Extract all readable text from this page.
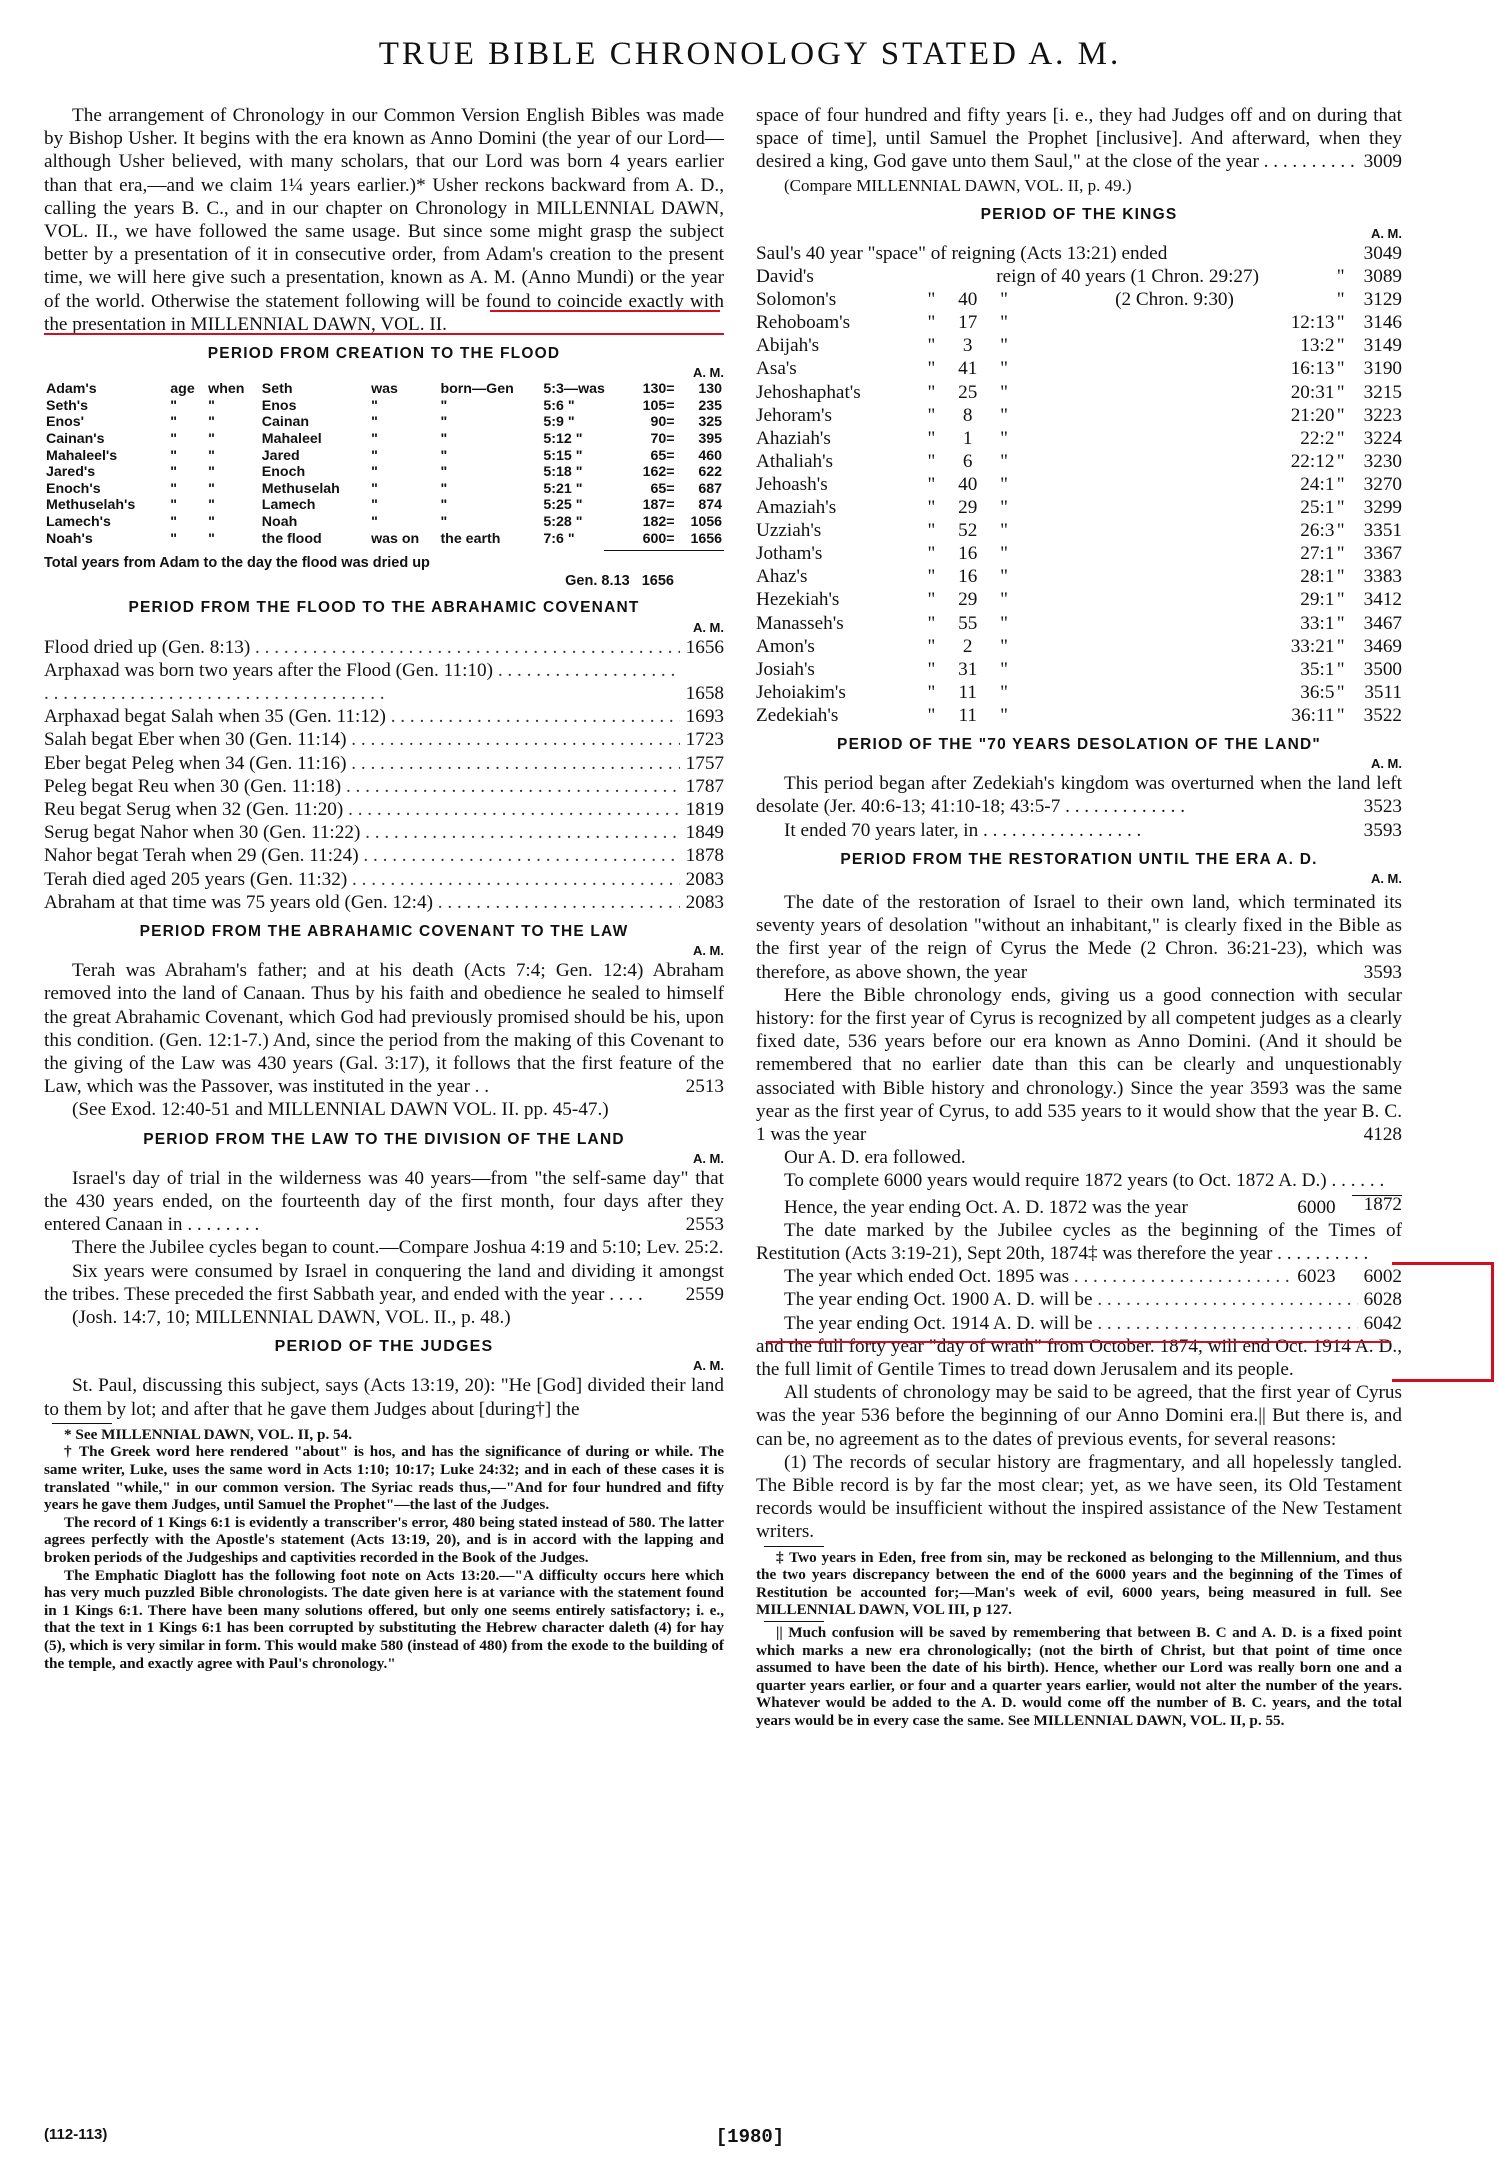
TRUE BIBLE CHRONOLOGY STATED A. M.
The arrangement of Chronology in our Common Version English Bibles was made by Bishop Usher. It begins with the era known as Anno Domini (the year of our Lord—although Usher believed, with many scholars, that our Lord was born 4 years earlier than that era,—and we claim 1¼ years earlier.)* Usher reckons backward from A. D., calling the years B. C., and in our chapter on Chronology in MILLENNIAL DAWN, VOL. II., we have followed the same usage. But since some might grasp the subject better by a presentation of it in consecutive order, from Adam's creation to the present time, we will here give such a presentation, known as A. M. (Anno Mundi) or the year of the world. Otherwise the statement following will be found to coincide exactly with the presentation in MILLENNIAL DAWN, VOL. II.
PERIOD FROM CREATION TO THE FLOOD
A. M.
Adam's	age	when	Seth	was	born—Gen	5:3—was	130=	130
Seth's	"	"	Enos	"	"	5:6 "	105=	235
Enos'	"	"	Cainan	"	"	5:9 "	90=	325
Cainan's	"	"	Mahaleel	"	"	5:12 "	70=	395
Mahaleel's	"	"	Jared	"	"	5:15 "	65=	460
Jared's	"	"	Enoch	"	"	5:18 "	162=	622
Enoch's	"	"	Methuselah	"	"	5:21 "	65=	687
Methuselah's	"	"	Lamech	"	"	5:25 "	187=	874
Lamech's	"	"	Noah	"	"	5:28 "	182=	1056
Noah's	"	"	the flood	was on	the earth	7:6 "	600=	1656
Total years from Adam to the day the flood was dried up
Gen. 8.13 1656
PERIOD FROM THE FLOOD TO THE ABRAHAMIC COVENANT
A. M.
Flood dried up (Gen. 8:13) . . .	1656
Arphaxad was born two years after the Flood (Gen. 11:10) . . .
1658
Arphaxad begat Salah when 35 (Gen. 11:12) . . .	1693
Salah begat Eber when 30 (Gen. 11:14) . . .	1723
Eber begat Peleg when 34 (Gen. 11:16) . . .	1757
Peleg begat Reu when 30 (Gen. 11:18) . . .	1787
Reu begat Serug when 32 (Gen. 11:20) . . .	1819
Serug begat Nahor when 30 (Gen. 11:22) . . .	1849
Nahor begat Terah when 29 (Gen. 11:24) . . .	1878
Terah died aged 205 years (Gen. 11:32) . . .	2083
Abraham at that time was 75 years old (Gen. 12:4) . . .	2083
PERIOD FROM THE ABRAHAMIC COVENANT TO THE LAW
A. M.
Terah was Abraham's father; and at his death (Acts 7:4; Gen. 12:4) Abraham removed into the land of Canaan. Thus by his faith and obedience he sealed to himself the great Abrahamic Covenant, which God had previously promised should be his, upon this condition. (Gen. 12:1-7.) And, since the period from the making of this Covenant to the giving of the Law was 430 years (Gal. 3:17), it follows that the first feature of the Law, which was the Passover, was instituted in the year . .	2513
(See Exod. 12:40-51 and MILLENNIAL DAWN VOL. II. pp. 45-47.)
PERIOD FROM THE LAW TO THE DIVISION OF THE LAND
A. M.
Israel's day of trial in the wilderness was 40 years—from "the self-same day" that the 430 years ended, on the fourteenth day of the first month, four days after they entered Canaan in . . . . . . . .	2553
There the Jubilee cycles began to count.—Compare Joshua 4:19 and 5:10; Lev. 25:2.
Six years were consumed by Israel in conquering the land and dividing it amongst the tribes. These preceded the first Sabbath year, and ended with the year . . . .	2559
(Josh. 14:7, 10; MILLENNIAL DAWN, VOL. II., p. 48.)
PERIOD OF THE JUDGES
A. M.
St. Paul, discussing this subject, says (Acts 13:19, 20): "He [God] divided their land to them by lot; and after that he gave them Judges about [during†] the
* See MILLENNIAL DAWN, VOL. II, p. 54.
† The Greek word here rendered "about" is hos, and has the significance of during or while. The same writer, Luke, uses the same word in Acts 1:10; 10:17; Luke 24:32; and in each of these cases it is translated "while," in our common version. The Syriac reads thus,—"And for four hundred and fifty years he gave them Judges, until Samuel the Prophet"—the last of the Judges.
The record of 1 Kings 6:1 is evidently a transcriber's error, 480 being stated instead of 580. The latter agrees perfectly with the Apostle's statement (Acts 13:19, 20), and is in accord with the lapping and broken periods of the Judgeships and captivities recorded in the Book of the Judges.
The Emphatic Diaglott has the following foot note on Acts 13:20.—"A difficulty occurs here which has very much puzzled Bible chronologists. The date given here is at variance with the statement found in 1 Kings 6:1. There have been many solutions offered, but only one seems entirely satisfactory; i. e., that the text in 1 Kings 6:1 has been corrupted by substituting the Hebrew character daleth (4) for hay (5), which is very similar in form. This would make 580 (instead of 480) from the exode to the building of the temple, and exactly agree with Paul's chronology."
space of four hundred and fifty years [i. e., they had Judges off and on during that space of time], until Samuel the Prophet [inclusive]. And afterward, when they desired a king, God gave unto them Saul," at the close of the year . . . . . . . . . . 3009
(Compare MILLENNIAL DAWN, VOL. II, p. 49.)
PERIOD OF THE KINGS
A. M.
Saul's 40 year "space" of reigning (Acts 13:21) ended						3049
David's	reign of 40 years (1 Chron. 29:27)				"	3089
Solomon's	"	40	"	(2 Chron. 9:30)	"	3129
Rehoboam's	"	17	"	12:13	"	3146
Abijah's	"	3	"	13:2	"	3149
Asa's	"	41	"	16:13	"	3190
Jehoshaphat's	"	25	"	20:31	"	3215
Jehoram's	"	8	"	21:20	"	3223
Ahaziah's	"	1	"	22:2	"	3224
Athaliah's	"	6	"	22:12	"	3230
Jehoash's	"	40	"	24:1	"	3270
Amaziah's	"	29	"	25:1	"	3299
Uzziah's	"	52	"	26:3	"	3351
Jotham's	"	16	"	27:1	"	3367
Ahaz's	"	16	"	28:1	"	3383
Hezekiah's	"	29	"	29:1	"	3412
Manasseh's	"	55	"	33:1	"	3467
Amon's	"	2	"	33:21	"	3469
Josiah's	"	31	"	35:1	"	3500
Jehoiakim's	"	11	"	36:5	"	3511
Zedekiah's	"	11	"	36:11	"	3522
PERIOD OF THE "70 YEARS DESOLATION OF THE LAND"
A. M.
This period began after Zedekiah's kingdom was overturned when the land left desolate (Jer. 40:6-13; 41:10-18; 43:5-7 . . . . . . . . . . . . .	3523
It ended 70 years later, in . . . . . . . . . . . . . . . . .	3593
PERIOD FROM THE RESTORATION UNTIL THE ERA A. D.
A. M.
The date of the restoration of Israel to their own land, which terminated its seventy years of desolation "without an inhabitant," is clearly fixed in the Bible as the first year of the reign of Cyrus the Mede (2 Chron. 36:21-23), which was therefore, as above shown, the year	3593
Here the Bible chronology ends, giving us a good connection with secular history: for the first year of Cyrus is recognized by all competent judges as a clearly fixed date, 536 years before our era known as Anno Domini. (And it should be remembered that no earlier date than this can be clearly and unquestionably associated with Bible history and chronology.) Since the year 3593 was the same year as the first year of Cyrus, to add 535 years to it would show that the year B. C. 1 was the year	4128
Our A. D. era followed.
To complete 6000 years would require 1872 years (to Oct. 1872 A. D.) . . . . . .
1872
Hence, the year ending Oct. A. D. 1872 was the year	6000
The date marked by the Jubilee cycles as the beginning of the Times of Restitution (Acts 3:19-21), Sept 20th, 1874‡ was therefore the year . . . . . . . . . .
6002
The year which ended Oct. 1895 was . . .	6023
The year ending Oct. 1900 A. D. will be . . .	6028
The year ending Oct. 1914 A. D. will be . . .	6042
and the full forty year "day of wrath" from October. 1874, will end Oct. 1914 A. D., the full limit of Gentile Times to tread down Jerusalem and its people.
All students of chronology may be said to be agreed, that the first year of Cyrus was the year 536 before the beginning of our Anno Domini era.|| But there is, and can be, no agreement as to the dates of previous events, for several reasons:
(1) The records of secular history are fragmentary, and all hopelessly tangled. The Bible record is by far the most clear; yet, as we have seen, its Old Testament records would be insufficient without the inspired assistance of the New Testament writers.
‡ Two years in Eden, free from sin, may be reckoned as belonging to the Millennium, and thus the two years discrepancy between the end of the 6000 years and the beginning of the Times of Restitution be accounted for;—Man's week of evil, 6000 years, being measured in full. See MILLENNIAL DAWN, VOL III, p 127.
|| Much confusion will be saved by remembering that between B. C and A. D. is a fixed point which marks a new era chronologically; (not the birth of Christ, but that point of time once assumed to have been the date of his birth). Hence, whether our Lord was really born one and a quarter years earlier, or four and a quarter years earlier, would not alter the number of the years. Whatever would be added to the A. D. would come off the number of B. C. years, and the total years would be in every case the same. See MILLENNIAL DAWN, VOL. II, p. 55.
(112-113)	[1980]
